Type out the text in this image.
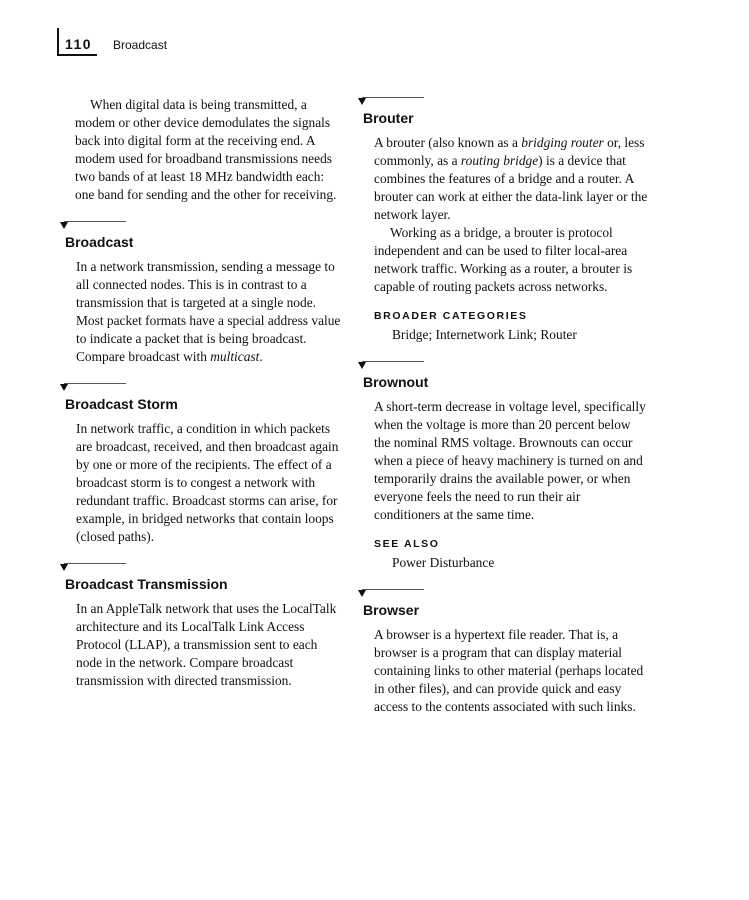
110 Broadcast

When digital data is being transmitted, a modem or other device demodulates the signals back into digital form at the receiving end. A modem used for broadband transmissions needs two bands of at least 18 MHz bandwidth each: one band for sending and the other for receiving.

Broadcast

In a network transmission, sending a message to all connected nodes. This is in contrast to a transmission that is targeted at a single node. Most packet formats have a special address value to indicate a packet that is being broadcast. Compare broadcast with multicast.

Broadcast Storm

In network traffic, a condition in which packets are broadcast, received, and then broadcast again by one or more of the recipients. The effect of a broadcast storm is to congest a network with redundant traffic. Broadcast storms can arise, for example, in bridged networks that contain loops (closed paths).

Broadcast Transmission

In an AppleTalk network that uses the LocalTalk architecture and its LocalTalk Link Access Protocol (LLAP), a transmission sent to each node in the network. Compare broadcast transmission with directed transmission.

Brouter

A brouter (also known as a bridging router or, less commonly, as a routing bridge) is a device that combines the features of a bridge and a router. A brouter can work at either the data-link layer or the network layer.

Working as a bridge, a brouter is protocol independent and can be used to filter local-area network traffic. Working as a router, a brouter is capable of routing packets across networks.

BROADER CATEGORIES

Bridge; Internetwork Link; Router

Brownout

A short-term decrease in voltage level, specifically when the voltage is more than 20 percent below the nominal RMS voltage. Brownouts can occur when a piece of heavy machinery is turned on and temporarily drains the available power, or when everyone feels the need to run their air conditioners at the same time.

SEE ALSO

Power Disturbance

Browser

A browser is a hypertext file reader. That is, a browser is a program that can display material containing links to other material (perhaps located in other files), and can provide quick and easy access to the contents associated with such links.
